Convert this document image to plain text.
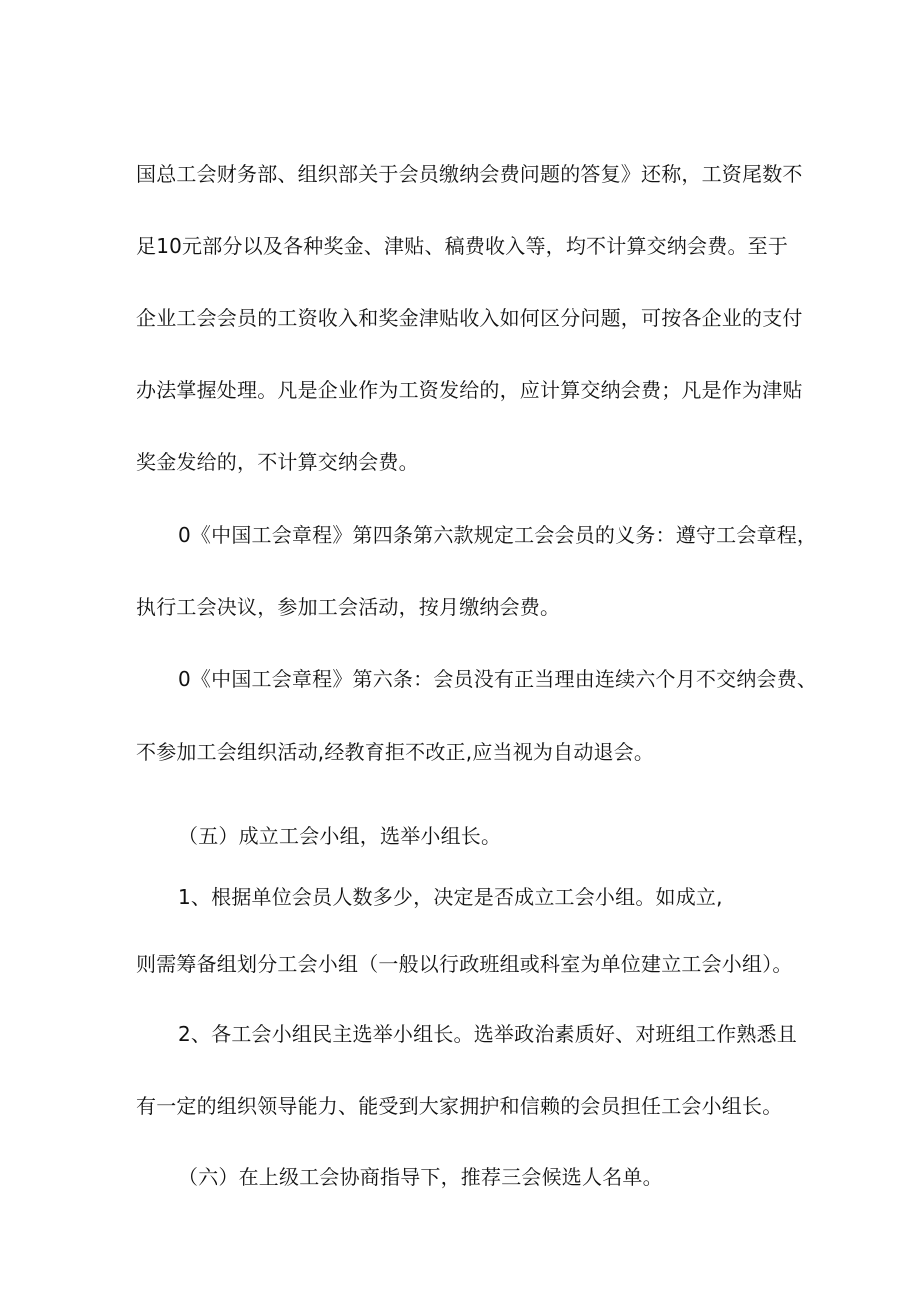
国总工会财务部、组织部关于会员缴纳会费问题的答复》还称，工资尾数不
足10元部分以及各种奖金、津贴、稿费收入等，均不计算交纳会费。至于
企业工会会员的工资收入和奖金津贴收入如何区分问题，可按各企业的支付
办法掌握处理。凡是企业作为工资发给的，应计算交纳会费；凡是作为津贴
奖金发给的，不计算交纳会费。
0《中国工会章程》第四条第六款规定工会会员的义务：遵守工会章程，
执行工会决议，参加工会活动，按月缴纳会费。
0《中国工会章程》第六条：会员没有正当理由连续六个月不交纳会费、
不参加工会组织活动,经教育拒不改正,应当视为自动退会。
（五）成立工会小组，选举小组长。
1、根据单位会员人数多少，决定是否成立工会小组。如成立,
则需筹备组划分工会小组（一般以行政班组或科室为单位建立工会小组）。
2、各工会小组民主选举小组长。选举政治素质好、对班组工作熟悉且
有一定的组织领导能力、能受到大家拥护和信赖的会员担任工会小组长。
（六）在上级工会协商指导下，推荐三会候选人名单。
